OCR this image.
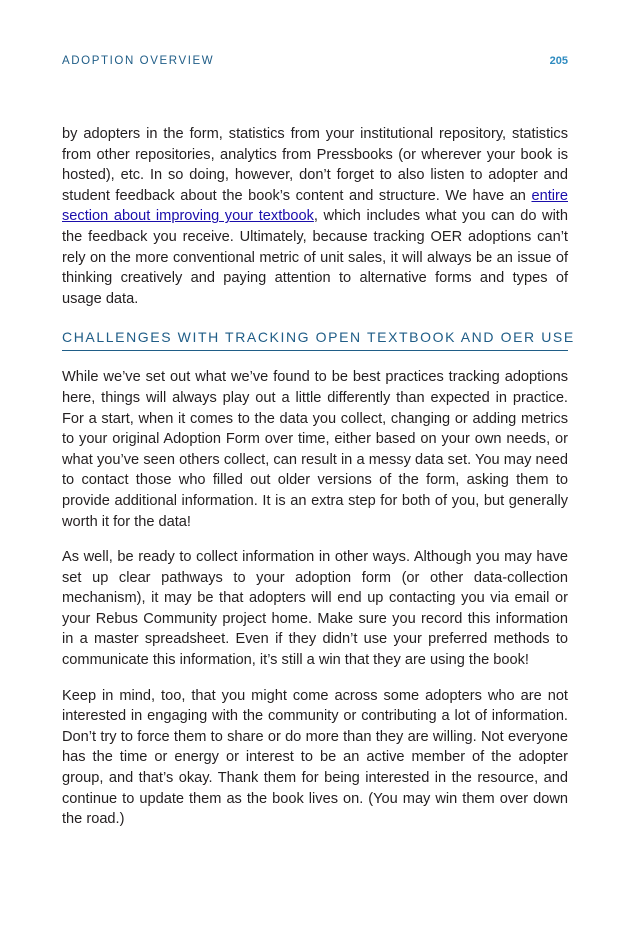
ADOPTION OVERVIEW	205

by adopters in the form, statistics from your institutional repository, statistics from other repositories, analytics from Pressbooks (or wherever your book is hosted), etc. In so doing, however, don’t forget to also listen to adopter and student feedback about the book’s content and structure. We have an entire section about improving your textbook, which includes what you can do with the feedback you receive. Ultimately, because tracking OER adoptions can’t rely on the more conventional metric of unit sales, it will always be an issue of thinking creatively and paying attention to alternative forms and types of usage data.

CHALLENGES WITH TRACKING OPEN TEXTBOOK AND OER USE

While we’ve set out what we’ve found to be best practices tracking adoptions here, things will always play out a little differently than expected in practice. For a start, when it comes to the data you collect, changing or adding metrics to your original Adoption Form over time, either based on your own needs, or what you’ve seen others collect, can result in a messy data set. You may need to contact those who filled out older versions of the form, asking them to provide additional information. It is an extra step for both of you, but generally worth it for the data!

As well, be ready to collect information in other ways. Although you may have set up clear pathways to your adoption form (or other data-collection mechanism), it may be that adopters will end up contacting you via email or your Rebus Community project home. Make sure you record this information in a master spreadsheet. Even if they didn’t use your preferred methods to communicate this information, it’s still a win that they are using the book!

Keep in mind, too, that you might come across some adopters who are not interested in engaging with the community or contributing a lot of information. Don’t try to force them to share or do more than they are willing. Not everyone has the time or energy or interest to be an active member of the adopter group, and that’s okay. Thank them for being interested in the resource, and continue to update them as the book lives on. (You may win them over down the road.)
